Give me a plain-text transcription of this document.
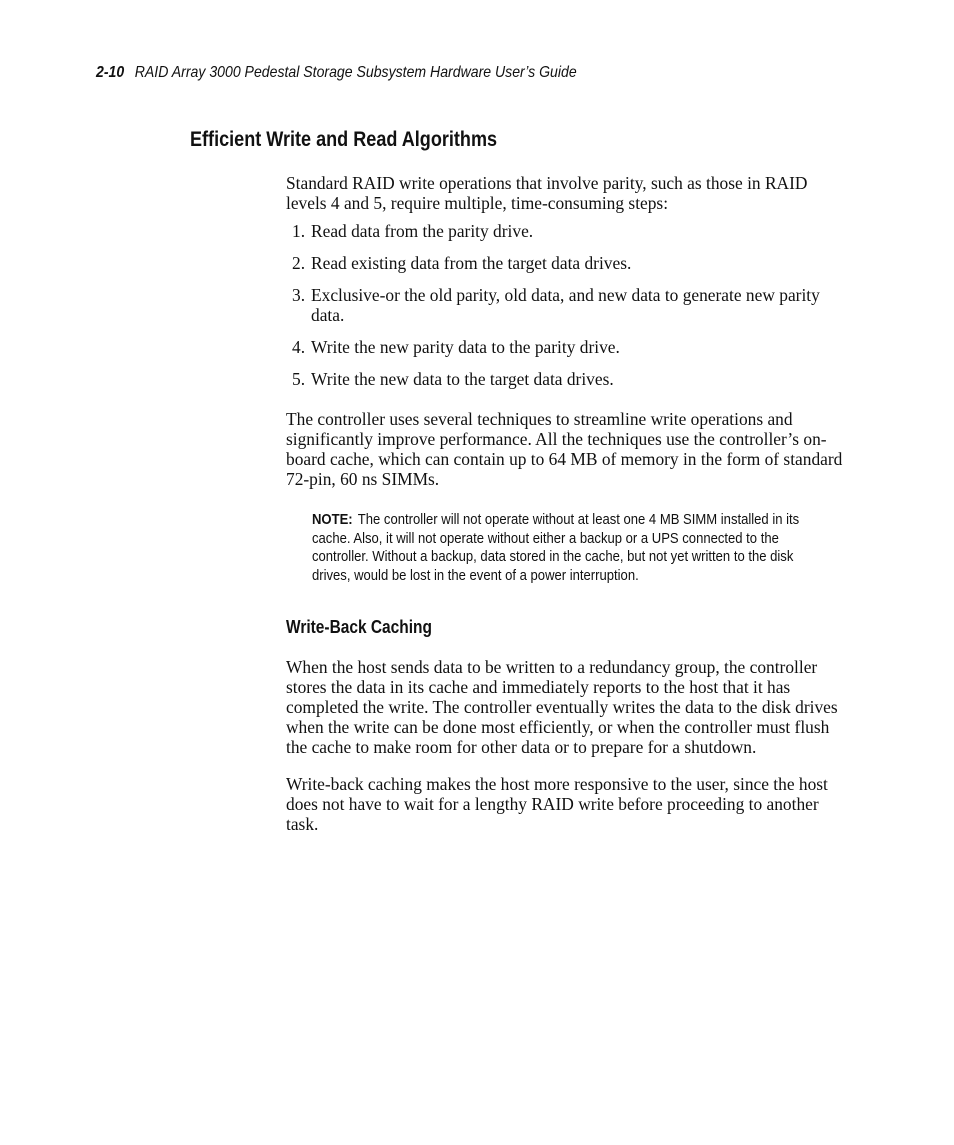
2-10 RAID Array 3000 Pedestal Storage Subsystem Hardware User’s Guide
Efficient Write and Read Algorithms

Standard RAID write operations that involve parity, such as those in RAID levels 4 and 5, require multiple, time-consuming steps:

1. Read data from the parity drive.
2. Read existing data from the target data drives.
3. Exclusive-or the old parity, old data, and new data to generate new parity data.
4. Write the new parity data to the parity drive.
5. Write the new data to the target data drives.

The controller uses several techniques to streamline write operations and significantly improve performance. All the techniques use the controller’s on-board cache, which can contain up to 64 MB of memory in the form of standard 72-pin, 60 ns SIMMs.

NOTE: The controller will not operate without at least one 4 MB SIMM installed in its cache. Also, it will not operate without either a backup or a UPS connected to the controller. Without a backup, data stored in the cache, but not yet written to the disk drives, would be lost in the event of a power interruption.

Write-Back Caching

When the host sends data to be written to a redundancy group, the controller stores the data in its cache and immediately reports to the host that it has completed the write. The controller eventually writes the data to the disk drives when the write can be done most efficiently, or when the controller must flush the cache to make room for other data or to prepare for a shutdown.

Write-back caching makes the host more responsive to the user, since the host does not have to wait for a lengthy RAID write before proceeding to another task.
